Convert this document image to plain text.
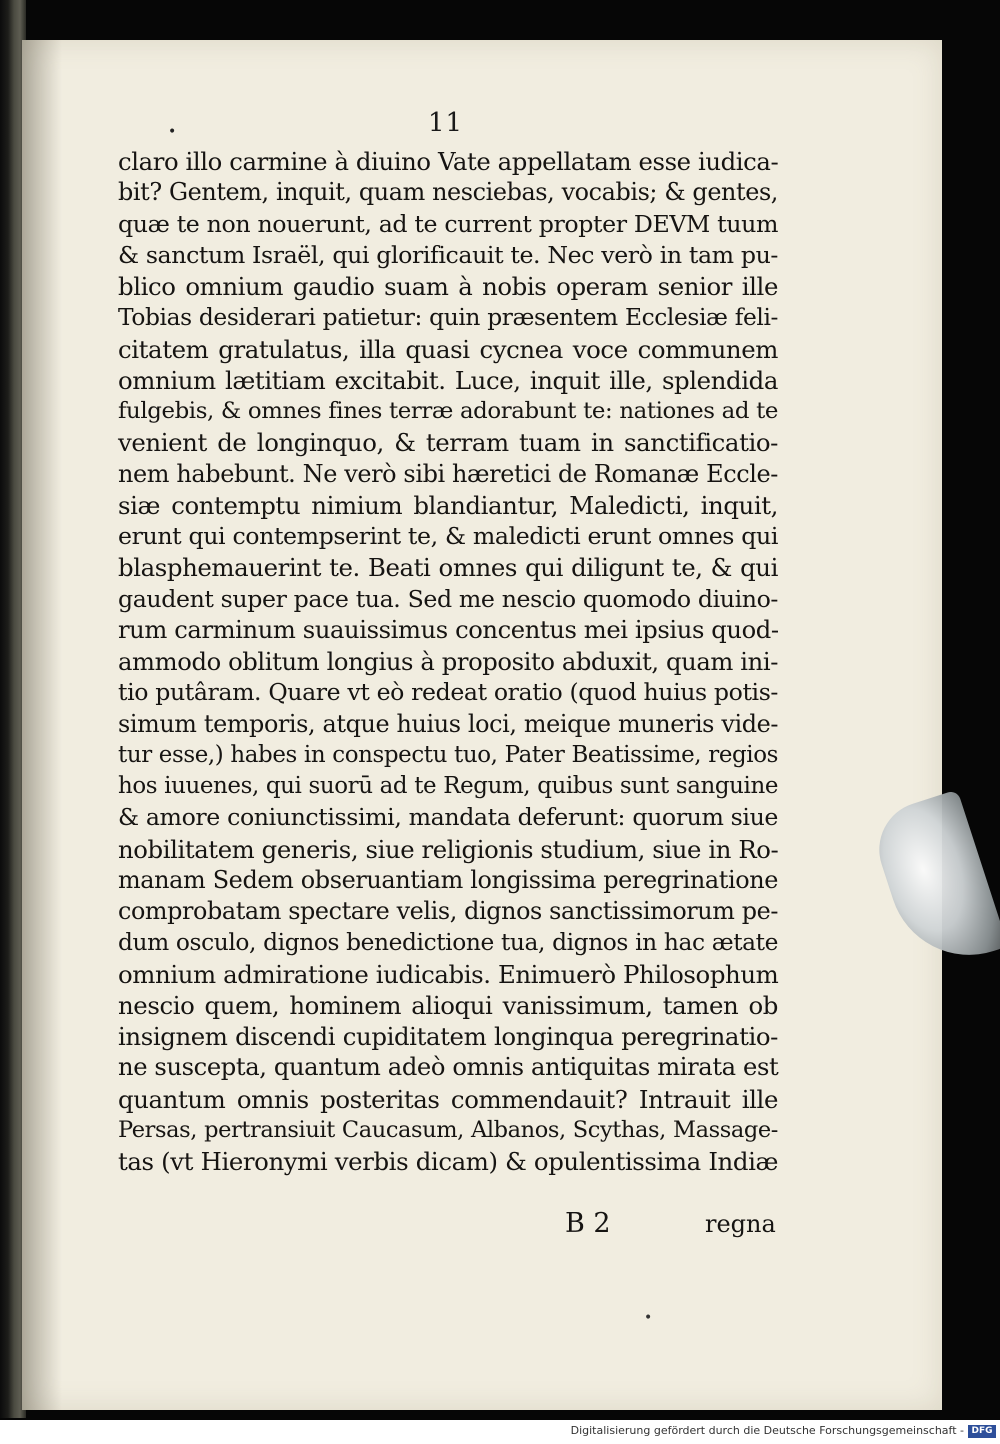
•	11
claro illo carmine à diuino Vate appellatam esse iudica-
bit? Gentem, inquit, quam nesciebas, vocabis; & gentes,
quæ te non nouerunt, ad te current propter DEVM tuum
& sanctum Israël, qui glorificauit te. Nec verò in tam pu-
blico omnium gaudio suam à nobis operam senior ille
Tobias desiderari patietur: quin præsentem Ecclesiæ feli-
citatem gratulatus, illa quasi cycnea voce communem
omnium lætitiam excitabit. Luce, inquit ille, splendida
fulgebis, & omnes fines terræ adorabunt te: nationes ad te
venient de longinquo, & terram tuam in sanctificatio-
nem habebunt. Ne verò sibi hæretici de Romanæ Eccle-
siæ contemptu nimium blandiantur, Maledicti, inquit,
erunt qui contempserint te, & maledicti erunt omnes qui
blasphemauerint te. Beati omnes qui diligunt te, & qui
gaudent super pace tua. Sed me nescio quomodo diuino-
rum carminum suauissimus concentus mei ipsius quod-
ammodo oblitum longius à proposito abduxit, quam ini-
tio putâram. Quare vt eò redeat oratio (quod huius potis-
simum temporis, atque huius loci, meique muneris vide-
tur esse,) habes in conspectu tuo, Pater Beatissime, regios
hos iuuenes, qui suorū ad te Regum, quibus sunt sanguine
& amore coniunctissimi, mandata deferunt: quorum siue
nobilitatem generis, siue religionis studium, siue in Ro-
manam Sedem obseruantiam longissima peregrinatione
comprobatam spectare velis, dignos sanctissimorum pe-
dum osculo, dignos benedictione tua, dignos in hac ætate
omnium admiratione iudicabis. Enimuerò Philosophum
nescio quem, hominem alioqui vanissimum, tamen ob
insignem discendi cupiditatem longinqua peregrinatio-
ne suscepta, quantum adeò omnis antiquitas mirata est
quantum omnis posteritas commendauit? Intrauit ille
Persas, pertransiuit Caucasum, Albanos, Scythas, Massage-
tas (vt Hieronymi verbis dicam) & opulentissima Indiæ
B 2	regna
•
Digitalisierung gefördert durch die Deutsche Forschungsgemeinschaft - DFG
